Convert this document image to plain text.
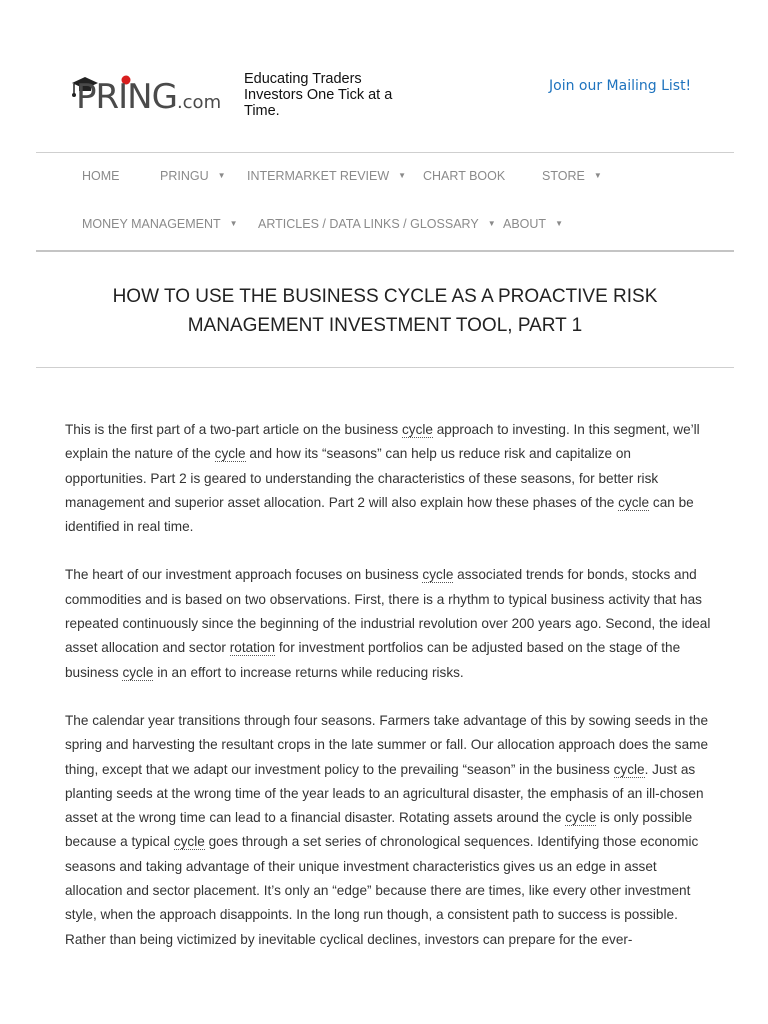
PRING.com
Educating Traders Investors One Tick at a Time.
Join our Mailing List!
HOME	PRINGU ▼ INTERMARKET REVIEW ▼ CHART BOOK	STORE ▼
MONEY MANAGEMENT ▼ ARTICLES / DATA LINKS / GLOSSARY ▼ ABOUT ▼
HOW TO USE THE BUSINESS CYCLE AS A PROACTIVE RISK MANAGEMENT INVESTMENT TOOL, PART 1

This is the first part of a two-part article on the business cycle approach to investing. In this segment, we’ll explain the nature of the cycle and how its “seasons” can help us reduce risk and capitalize on opportunities. Part 2 is geared to understanding the characteristics of these seasons, for better risk management and superior asset allocation. Part 2 will also explain how these phases of the cycle can be identified in real time.

The heart of our investment approach focuses on business cycle associated trends for bonds, stocks and commodities and is based on two observations. First, there is a rhythm to typical business activity that has repeated continuously since the beginning of the industrial revolution over 200 years ago. Second, the ideal asset allocation and sector rotation for investment portfolios can be adjusted based on the stage of the business cycle in an effort to increase returns while reducing risks.

The calendar year transitions through four seasons. Farmers take advantage of this by sowing seeds in the spring and harvesting the resultant crops in the late summer or fall. Our allocation approach does the same thing, except that we adapt our investment policy to the prevailing “season” in the business cycle. Just as planting seeds at the wrong time of the year leads to an agricultural disaster, the emphasis of an ill-chosen asset at the wrong time can lead to a financial disaster. Rotating assets around the cycle is only possible because a typical cycle goes through a set series of chronological sequences. Identifying those economic seasons and taking advantage of their unique investment characteristics gives us an edge in asset allocation and sector placement. It’s only an “edge” because there are times, like every other investment style, when the approach disappoints. In the long run though, a consistent path to success is possible. Rather than being victimized by inevitable cyclical declines, investors can prepare for the ever-
